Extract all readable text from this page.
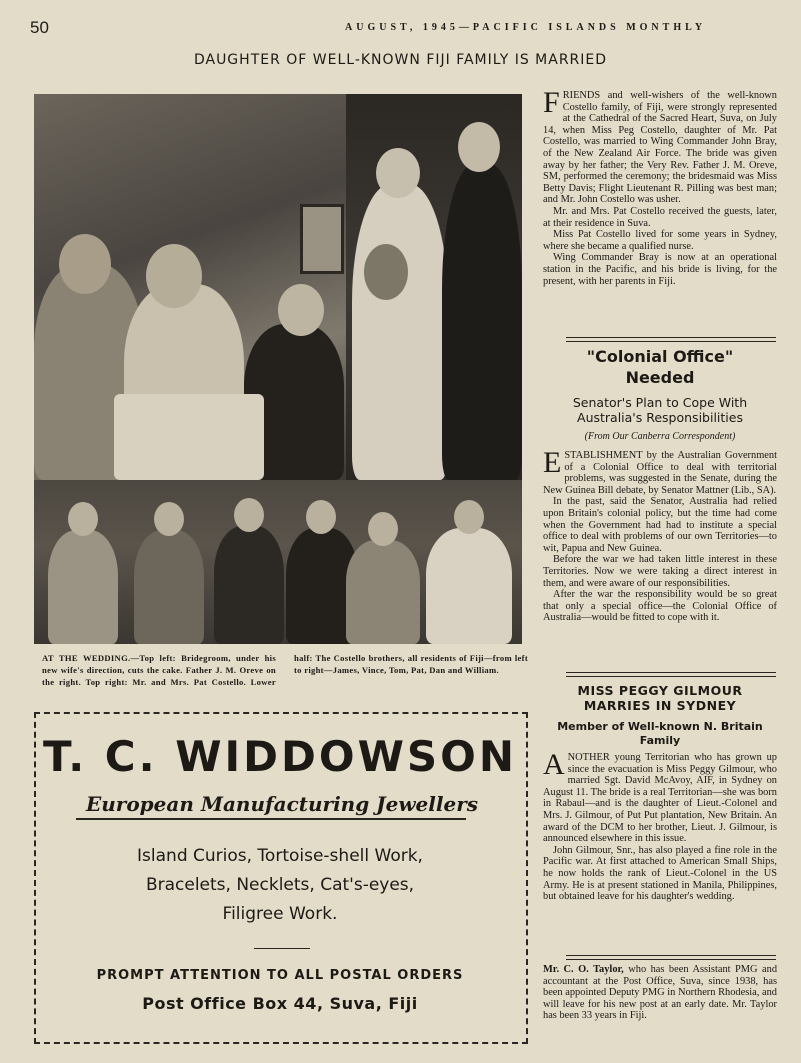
50	AUGUST, 1945—PACIFIC ISLANDS MONTHLY
DAUGHTER OF WELL-KNOWN FIJI FAMILY IS MARRIED
AT THE WEDDING.—Top left: Bridegroom, under his new wife's direction, cuts the cake. Father J. M. Oreve on the right. Top right: Mr. and Mrs. Pat Costello. Lower half: The Costello brothers, all residents of Fiji—from left to right—James, Vince, Tom, Pat, Dan and William.

FRIENDS and well-wishers of the well-known Costello family, of Fiji, were strongly represented at the Cathedral of the Sacred Heart, Suva, on July 14, when Miss Peg Costello, daughter of Mr. Pat Costello, was married to Wing Commander John Bray, of the New Zealand Air Force. The bride was given away by her father; the Very Rev. Father J. M. Oreve, SM, performed the ceremony; the bridesmaid was Miss Betty Davis; Flight Lieutenant R. Pilling was best man; and Mr. John Costello was usher.

Mr. and Mrs. Pat Costello received the guests, later, at their residence in Suva.

Miss Pat Costello lived for some years in Sydney, where she became a qualified nurse.

Wing Commander Bray is now at an operational station in the Pacific, and his bride is living, for the present, with her parents in Fiji.

"Colonial Office"
Needed
Senator's Plan to Cope With Australia's Responsibilities
(From Our Canberra Correspondent)

ESTABLISHMENT by the Australian Government of a Colonial Office to deal with territorial problems, was suggested in the Senate, during the New Guinea Bill debate, by Senator Mattner (Lib., SA).

In the past, said the Senator, Australia had relied upon Britain's colonial policy, but the time had come when the Government had had to institute a special office to deal with problems of our own Territories—to wit, Papua and New Guinea.

Before the war we had taken little interest in these Territories. Now we were taking a direct interest in them, and were aware of our responsibilities.

After the war the responsibility would be so great that only a special office—the Colonial Office of Australia—would be fitted to cope with it.

MISS PEGGY GILMOUR MARRIES IN SYDNEY
Member of Well-known N. Britain Family

ANOTHER young Territorian who has grown up since the evacuation is Miss Peggy Gilmour, who married Sgt. David McAvoy, AIF, in Sydney on August 11. The bride is a real Territorian—she was born in Rabaul—and is the daughter of Lieut.-Colonel and Mrs. J. Gilmour, of Put Put plantation, New Britain. An award of the DCM to her brother, Lieut. J. Gilmour, is announced elsewhere in this issue.

John Gilmour, Snr., has also played a fine role in the Pacific war. At first attached to American Small Ships, he now holds the rank of Lieut.-Colonel in the US Army. He is at present stationed in Manila, Philippines, but obtained leave for his daughter's wedding.

Mr. C. O. Taylor, who has been Assistant PMG and accountant at the Post Office, Suva, since 1938, has been appointed Deputy PMG in Northern Rhodesia, and will leave for his new post at an early date. Mr. Taylor has been 33 years in Fiji.

T. C. WIDDOWSON
European Manufacturing Jewellers
Island Curios, Tortoise-shell Work,
Bracelets, Necklets, Cat's-eyes,
Filigree Work.
PROMPT ATTENTION TO ALL POSTAL ORDERS
Post Office Box 44, Suva, Fiji
